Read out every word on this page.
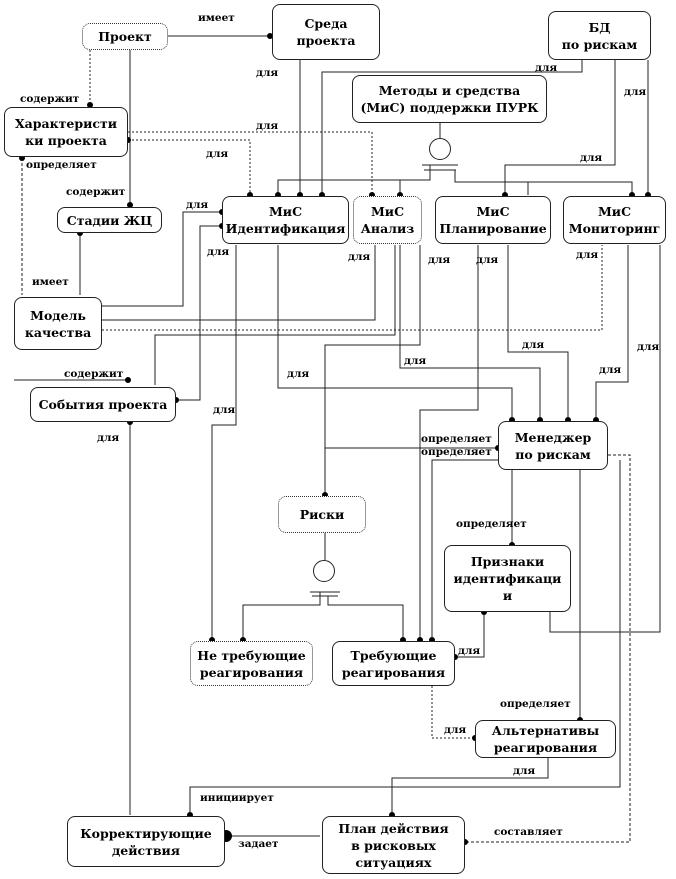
Проект
Среда
проекта
БД
по рискам
Методы и средства
(МиС) поддержки ПУРК
Характеристи
ки проекта
Стадии ЖЦ
Модель
качества
События проекта
МиС
Идентификация
МиС
Анализ
МиС
Планирование
МиС
Мониторинг
Менеджер
по рискам
Риски
Признаки
идентификаци
и
Не требующие
реагирования
Требующие
реагирования
Альтернативы
реагирования
Корректирующие
действия
План действия
в рисковых
ситуациях
имеет
содержит
определяет
содержит
имеет
содержит
для	для
для
для
для	для
для
для	для	для для	для
для	для
для
для
для
для
для	определяет
определяет
определяет
для
определяет
для
для
инициирует
составляет
задает
